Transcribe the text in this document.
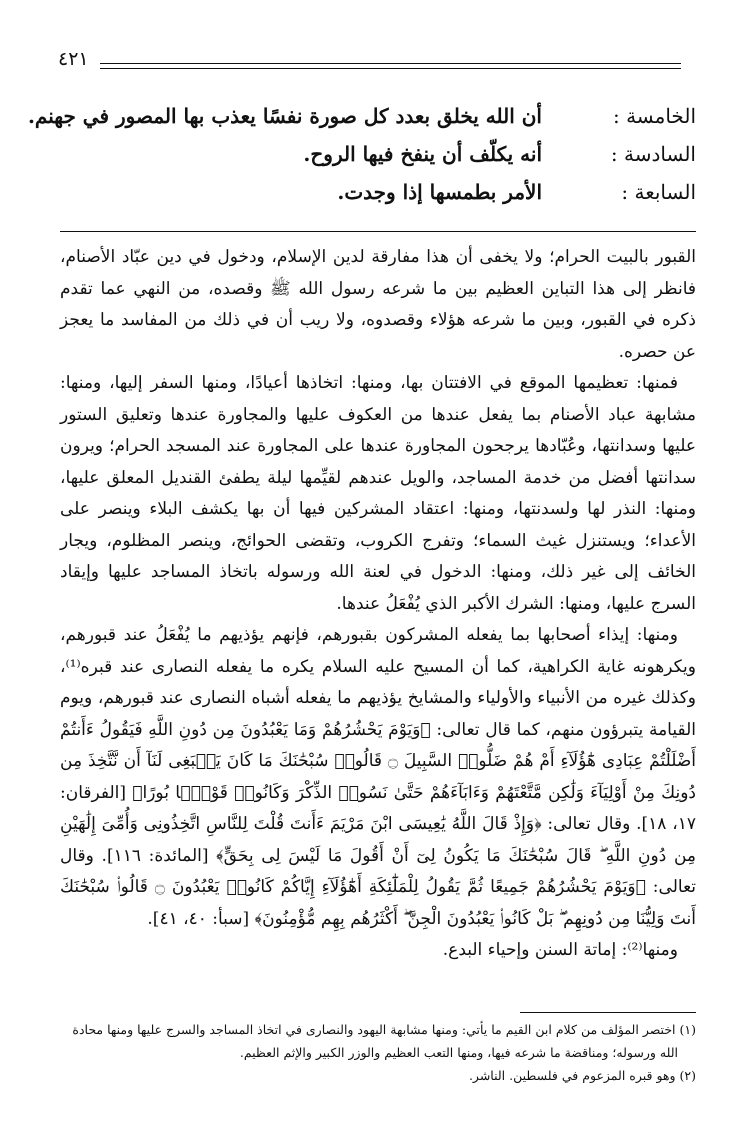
٤٢١
الخامسة :
أن الله يخلق بعدد كل صورة نفسًا يعذب بها المصور في جهنم.
السادسة :
أنه يكلّف أن ينفخ فيها الروح.
السابعة :
الأمر بطمسها إذا وجدت.

القبور بالبيت الحرام؛ ولا يخفى أن هذا مفارقة لدين الإسلام، ودخول في دين عبّاد الأصنام، فانظر إلى هذا التباين العظيم بين ما شرعه رسول الله ﷺ وقصده، من النهي عما تقدم ذكره في القبور، وبين ما شرعه هؤلاء وقصدوه، ولا ريب أن في ذلك من المفاسد ما يعجز عن حصره.

فمنها: تعظيمها الموقع في الافتتان بها، ومنها: اتخاذها أعيادًا، ومنها السفر إليها، ومنها: مشابهة عباد الأصنام بما يفعل عندها من العكوف عليها والمجاورة عندها وتعليق الستور عليها وسدانتها، وعُبّادها يرجحون المجاورة عندها على المجاورة عند المسجد الحرام؛ ويرون سدانتها أفضل من خدمة المساجد، والويل عندهم لقيِّمها ليلة يطفئ القنديل المعلق عليها، ومنها: النذر لها ولسدنتها، ومنها: اعتقاد المشركين فيها أن بها يكشف البلاء وينصر على الأعداء؛ ويستنزل غيث السماء؛ وتفرج الكروب، وتقضى الحوائج، وينصر المظلوم، ويجار الخائف إلى غير ذلك، ومنها: الدخول في لعنة الله ورسوله باتخاذ المساجد عليها وإيقاد السرج عليها، ومنها: الشرك الأكبر الذي يُفْعَلُ عندها.

ومنها: إيذاء أصحابها بما يفعله المشركون بقبورهم، فإنهم يؤذيهم ما يُفْعَلُ عند قبورهم، ويكرهونه غاية الكراهية، كما أن المسيح عليه السلام يكره ما يفعله النصارى عند قبره⁽¹⁾، وكذلك غيره من الأنبياء والأولياء والمشايخ يؤذيهم ما يفعله أشباه النصارى عند قبورهم، ويوم القيامة يتبرؤون منهم، كما قال تعالى: ﴿وَيَوْمَ يَحْشُرُهُمْ وَمَا يَعْبُدُونَ مِن دُونِ اللَّهِ فَيَقُولُ ءَأَنتُمْ أَضْلَلْتُمْ عِبَادِى هَٰٓؤُلَآءِ أَمْ هُمْ ضَلُّوا۟ السَّبِيلَ ۝ قَالُوا۟ سُبْحَٰنَكَ مَا كَانَ يَنۢبَغِى لَنَآ أَن نَّتَّخِذَ مِن دُونِكَ مِنْ أَوْلِيَآءَ وَلَٰكِن مَّتَّعْتَهُمْ وَءَابَآءَهُمْ حَتَّىٰ نَسُوا۟ الذِّكْرَ وَكَانُوا۟ قَوْمًۢا بُورًا﴾ [الفرقان: ١٧، ١٨]. وقال تعالى: ﴿وَإِذْ قَالَ اللَّهُ يَٰعِيسَى ابْنَ مَرْيَمَ ءَأَنتَ قُلْتَ لِلنَّاسِ اتَّخِذُونِى وَأُمِّىَ إِلَٰهَيْنِ مِن دُونِ اللَّهِ ۖ قَالَ سُبْحَٰنَكَ مَا يَكُونُ لِىٓ أَنْ أَقُولَ مَا لَيْسَ لِى بِحَقٍّ﴾ [المائدة: ١١٦]. وقال تعالى: ﴿وَيَوْمَ يَحْشُرُهُمْ جَمِيعًا ثُمَّ يَقُولُ لِلْمَلَٰٓئِكَةِ أَهَٰٓؤُلَآءِ إِيَّاكُمْ كَانُوا۟ يَعْبُدُونَ ۝ قَالُوا۟ سُبْحَٰنَكَ أَنتَ وَلِيُّنَا مِن دُونِهِم ۖ بَلْ كَانُوا۟ يَعْبُدُونَ الْجِنَّ ۖ أَكْثَرُهُم بِهِم مُّؤْمِنُونَ﴾ [سبأ: ٤٠، ٤١].

ومنها⁽²⁾: إماتة السنن وإحياء البدع.

(١) اختصر المؤلف من كلام ابن القيم ما يأتي: ومنها مشابهة اليهود والنصارى في اتخاذ المساجد والسرج عليها ومنها محادة

الله ورسوله؛ ومناقضة ما شرعه فيها، ومنها التعب العظيم والوزر الكبير والإثم العظيم.

(٢) وهو قبره المزعوم في فلسطين. الناشر.
